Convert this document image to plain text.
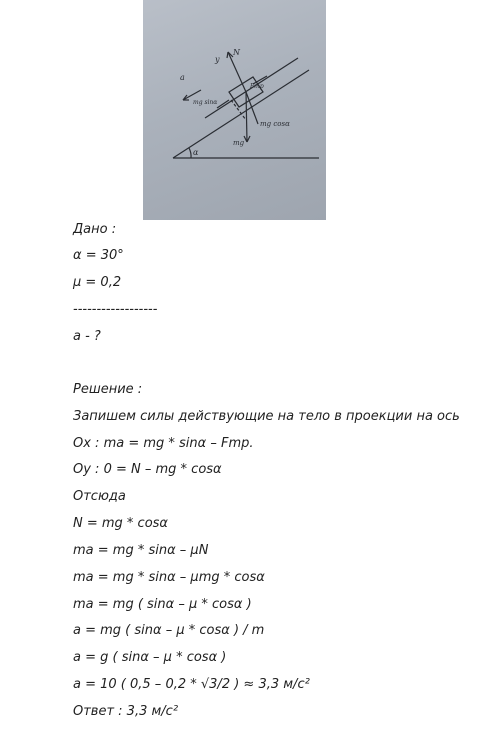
y
N
a
mg sinα
Fтр
mg
mg cosα
α
Дано :
α = 30°
μ = 0,2
------------------
a - ?
Решение :
Запишем силы действующие на тело в проекции на ось
Ox : ma = mg * sinα – Fmp.
Oy : 0 = N – mg * cosα
Отсюда
N = mg * cosα
ma = mg * sinα – μN
ma = mg * sinα – μmg * cosα
ma = mg ( sinα – μ * cosα )
a = mg ( sinα – μ * cosα ) / m
a = g ( sinα – μ * cosα )
a = 10 ( 0,5 – 0,2 * √3/2 ) ≈ 3,3 м/с²
Ответ : 3,3 м/с²
